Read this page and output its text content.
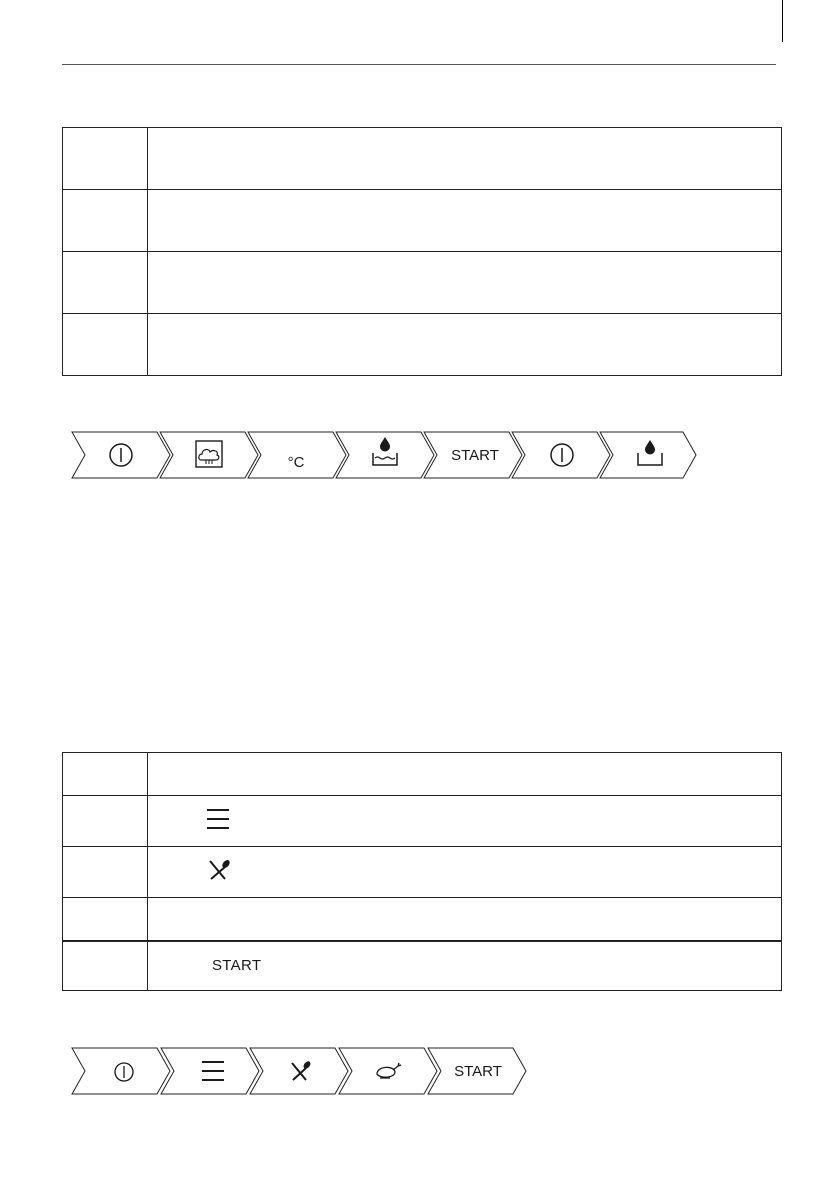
°C	START

	START
START
